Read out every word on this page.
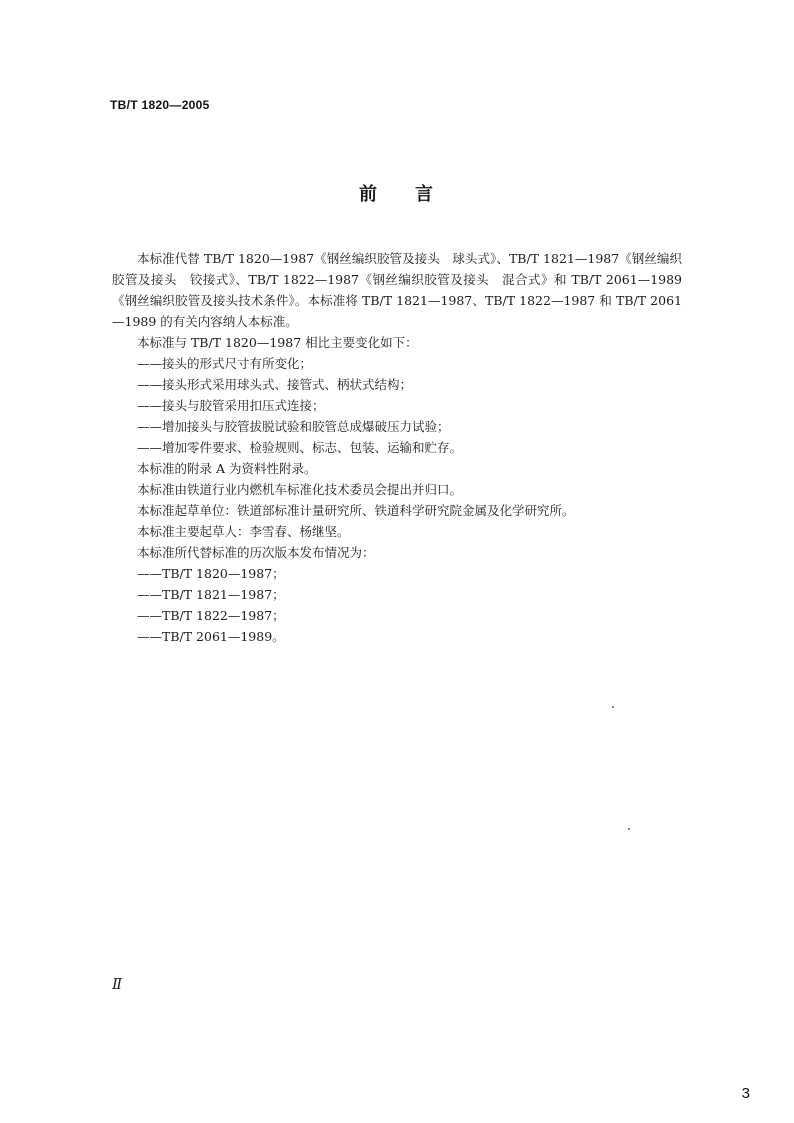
TB/T 1820—2005
前 言

本标准代替 TB/T 1820—1987《钢丝编织胶管及接头　球头式》、TB/T 1821—1987《钢丝编织胶管及接头　铰接式》、TB/T 1822—1987《钢丝编织胶管及接头　混合式》和 TB/T 2061—1989《钢丝编织胶管及接头技术条件》。本标准将 TB/T 1821—1987、TB/T 1822—1987 和 TB/T 2061—1989 的有关内容纳人本标准。

本标准与 TB/T 1820—1987 相比主要变化如下：

——接头的形式尺寸有所变化；

——接头形式采用球头式、接管式、柄状式结构；

——接头与胶管采用扣压式连接；

——增加接头与胶管拔脱试验和胶管总成爆破压力试验；

——增加零件要求、检验规则、标志、包装、运输和贮存。

本标准的附录 A 为资料性附录。

本标准由铁道行业内燃机车标准化技术委员会提出并归口。

本标准起草单位：铁道部标准计量研究所、铁道科学研究院金属及化学研究所。

本标准主要起草人：李雪春、杨继坚。

本标准所代替标准的历次版本发布情况为：

——TB/T 1820—1987；

——TB/T 1821—1987；

——TB/T 1822—1987；

——TB/T 2061—1989。

Ⅱ
3
